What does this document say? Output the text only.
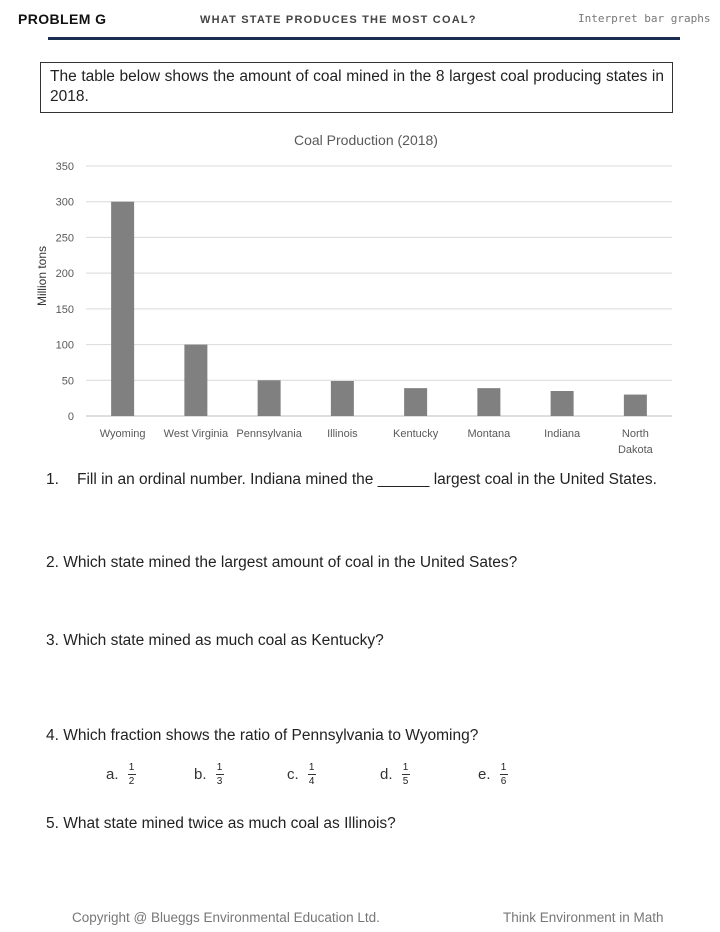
PROBLEM G	WHAT STATE PRODUCES THE MOST COAL?	Interpret bar graphs
The table below shows the amount of coal mined in the 8 largest coal producing states in 2018.
Coal Production (2018)
Million tons
0
50
100
150
200
250
300
350
Wyoming West Virginia Pennsylvania Illinois	Kentucky	Montana	Indiana	North Dakota
1. Fill in an ordinal number. Indiana mined the ______ largest coal in the United States.
2. Which state mined the largest amount of coal in the United Sates?
3. Which state mined as much coal as Kentucky?
4. Which fraction shows the ratio of Pennsylvania to Wyoming?
a. $\frac{1}{2}$	b. $\frac{1}{3}$	c. $\frac{1}{4}$	d. $\frac{1}{5}$	e. $\frac{1}{6}$
5. What state mined twice as much coal as Illinois?
Copyright @ Blueggs Environmental Education Ltd.	Think Environment in Math
